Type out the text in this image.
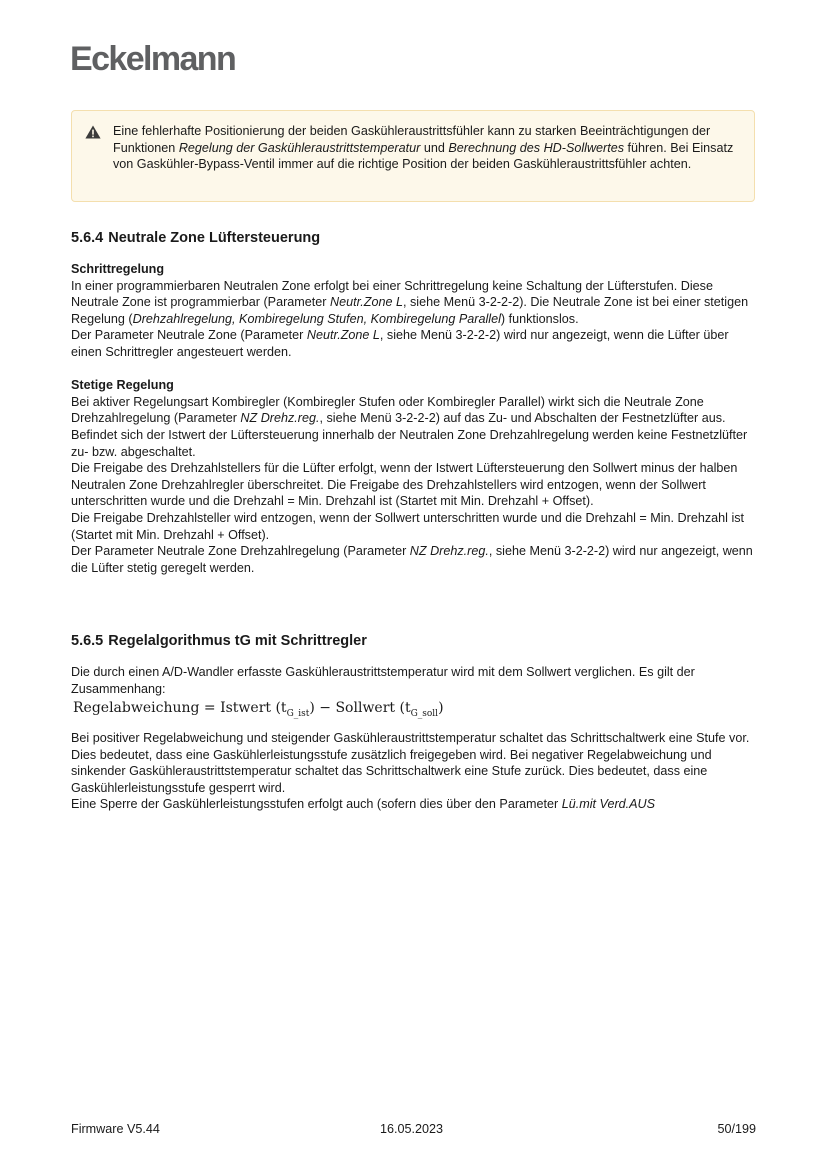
Eckelmann
Eine fehlerhafte Positionierung der beiden Gaskühleraustrittsfühler kann zu starken Beeinträchtigungen der Funktionen Regelung der Gaskühleraustrittstemperatur und Berechnung des HD-Sollwertes führen. Bei Einsatz von Gaskühler-Bypass-Ventil immer auf die richtige Position der beiden Gaskühleraustrittsfühler achten.
5.6.4 Neutrale Zone Lüftersteuerung

Schrittregelung

In einer programmierbaren Neutralen Zone erfolgt bei einer Schrittregelung keine Schaltung der Lüfterstufen. Diese Neutrale Zone ist programmierbar (Parameter Neutr.Zone L, siehe Menü 3-2-2-2). Die Neutrale Zone ist bei einer stetigen Regelung (Drehzahlregelung, Kombiregelung Stufen, Kombiregelung Parallel) funktionslos.

Der Parameter Neutrale Zone (Parameter Neutr.Zone L, siehe Menü 3-2-2-2) wird nur angezeigt, wenn die Lüfter über einen Schrittregler angesteuert werden.

Stetige Regelung

Bei aktiver Regelungsart Kombiregler (Kombiregler Stufen oder Kombiregler Parallel) wirkt sich die Neutrale Zone Drehzahlregelung (Parameter NZ Drehz.reg., siehe Menü 3-2-2-2) auf das Zu- und Abschalten der Festnetzlüfter aus.

Befindet sich der Istwert der Lüftersteuerung innerhalb der Neutralen Zone Drehzahlregelung werden keine Festnetzlüfter zu- bzw. abgeschaltet.

Die Freigabe des Drehzahlstellers für die Lüfter erfolgt, wenn der Istwert Lüftersteuerung den Sollwert minus der halben Neutralen Zone Drehzahlregler überschreitet. Die Freigabe des Drehzahlstellers wird entzogen, wenn der Sollwert unterschritten wurde und die Drehzahl = Min. Drehzahl ist (Startet mit Min. Drehzahl + Offset).

Die Freigabe Drehzahlsteller wird entzogen, wenn der Sollwert unterschritten wurde und die Drehzahl = Min. Drehzahl ist (Startet mit Min. Drehzahl + Offset).

Der Parameter Neutrale Zone Drehzahlregelung (Parameter NZ Drehz.reg., siehe Menü 3-2-2-2) wird nur angezeigt, wenn die Lüfter stetig geregelt werden.

5.6.5 Regelalgorithmus tG mit Schrittregler
Die durch einen A/D-Wandler erfasste Gaskühleraustrittstemperatur wird mit dem Sollwert verglichen. Es gilt der Zusammenhang:
Regelabweichung = Istwert $(t_{G\_ist})$ − Sollwert $(t_{G\_soll})$

Bei positiver Regelabweichung und steigender Gaskühleraustrittstemperatur schaltet das Schrittschaltwerk eine Stufe vor. Dies bedeutet, dass eine Gaskühlerleistungsstufe zusätzlich freigegeben wird. Bei negativer Regelabweichung und sinkender Gaskühleraustrittstemperatur schaltet das Schrittschaltwerk eine Stufe zurück. Dies bedeutet, dass eine Gaskühlerleistungsstufe gesperrt wird.

Eine Sperre der Gaskühlerleistungsstufen erfolgt auch (sofern dies über den Parameter Lü.mit Verd.AUS

Firmware V5.44	16.05.2023	50/199
